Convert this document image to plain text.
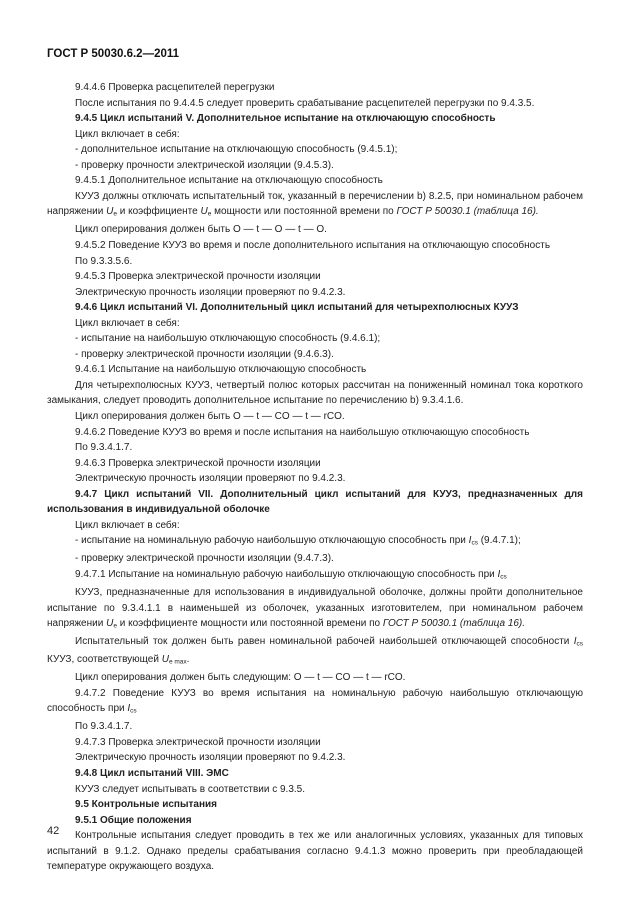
ГОСТ Р 50030.6.2—2011

9.4.4.6 Проверка расцепителей перегрузки

После испытания по 9.4.4.5 следует проверить срабатывание расцепителей перегрузки по 9.4.3.5.

9.4.5 Цикл испытаний V. Дополнительное испытание на отключающую способность

Цикл включает в себя:

- дополнительное испытание на отключающую способность (9.4.5.1);

- проверку прочности электрической изоляции (9.4.5.3).

9.4.5.1 Дополнительное испытание на отключающую способность

КУУЗ должны отключать испытательный ток, указанный в перечислении b) 8.2.5, при номинальном рабочем напряжении $U_e$ и коэффициенте $U_e$ мощности или постоянной времени по ГОСТ Р 50030.1 (таблица 16).

Цикл оперирования должен быть O — t — O — t — O.

9.4.5.2 Поведение КУУЗ во время и после дополнительного испытания на отключающую способность

По 9.3.3.5.6.

9.4.5.3 Проверка электрической прочности изоляции

Электрическую прочность изоляции проверяют по 9.4.2.3.

9.4.6 Цикл испытаний VI. Дополнительный цикл испытаний для четырехполюсных КУУЗ

Цикл включает в себя:

- испытание на наибольшую отключающую способность (9.4.6.1);

- проверку электрической прочности изоляции (9.4.6.3).

9.4.6.1 Испытание на наибольшую отключающую способность

Для четырехполюсных КУУЗ, четвертый полюс которых рассчитан на пониженный номинал тока короткого замыкания, следует проводить дополнительное испытание по перечислению b) 9.3.4.1.6.

Цикл оперирования должен быть O — t — CO — t — rCO.

9.4.6.2 Поведение КУУЗ во время и после испытания на наибольшую отключающую способность

По 9.3.4.1.7.

9.4.6.3 Проверка электрической прочности изоляции

Электрическую прочность изоляции проверяют по 9.4.2.3.

9.4.7 Цикл испытаний VII. Дополнительный цикл испытаний для КУУЗ, предназначенных для использования в индивидуальной оболочке

Цикл включает в себя:

- испытание на номинальную рабочую наибольшую отключающую способность при $I_{cs}$ (9.4.7.1);

- проверку электрической прочности изоляции (9.4.7.3).

9.4.7.1 Испытание на номинальную рабочую наибольшую отключающую способность при $I_{cs}$

КУУЗ, предназначенные для использования в индивидуальной оболочке, должны пройти дополнительное испытание по 9.3.4.1.1 в наименьшей из оболочек, указанных изготовителем, при номинальном рабочем напряжении $U_e$ и коэффициенте мощности или постоянной времени по ГОСТ Р 50030.1 (таблица 16).

Испытательный ток должен быть равен номинальной рабочей наибольшей отключающей способности $I_{cs}$ КУУЗ, соответствующей $U_{e max}$.

Цикл оперирования должен быть следующим: O — t — CO — t — rCO.

9.4.7.2 Поведение КУУЗ во время испытания на номинальную рабочую наибольшую отключающую способность при $I_{cs}$

По 9.3.4.1.7.

9.4.7.3 Проверка электрической прочности изоляции

Электрическую прочность изоляции проверяют по 9.4.2.3.

9.4.8 Цикл испытаний VIII. ЭМС

КУУЗ следует испытывать в соответствии с 9.3.5.

9.5 Контрольные испытания

9.5.1 Общие положения

Контрольные испытания следует проводить в тех же или аналогичных условиях, указанных для типовых испытаний в 9.1.2. Однако пределы срабатывания согласно 9.4.1.3 можно проверить при преобладающей температуре окружающего воздуха.

42
